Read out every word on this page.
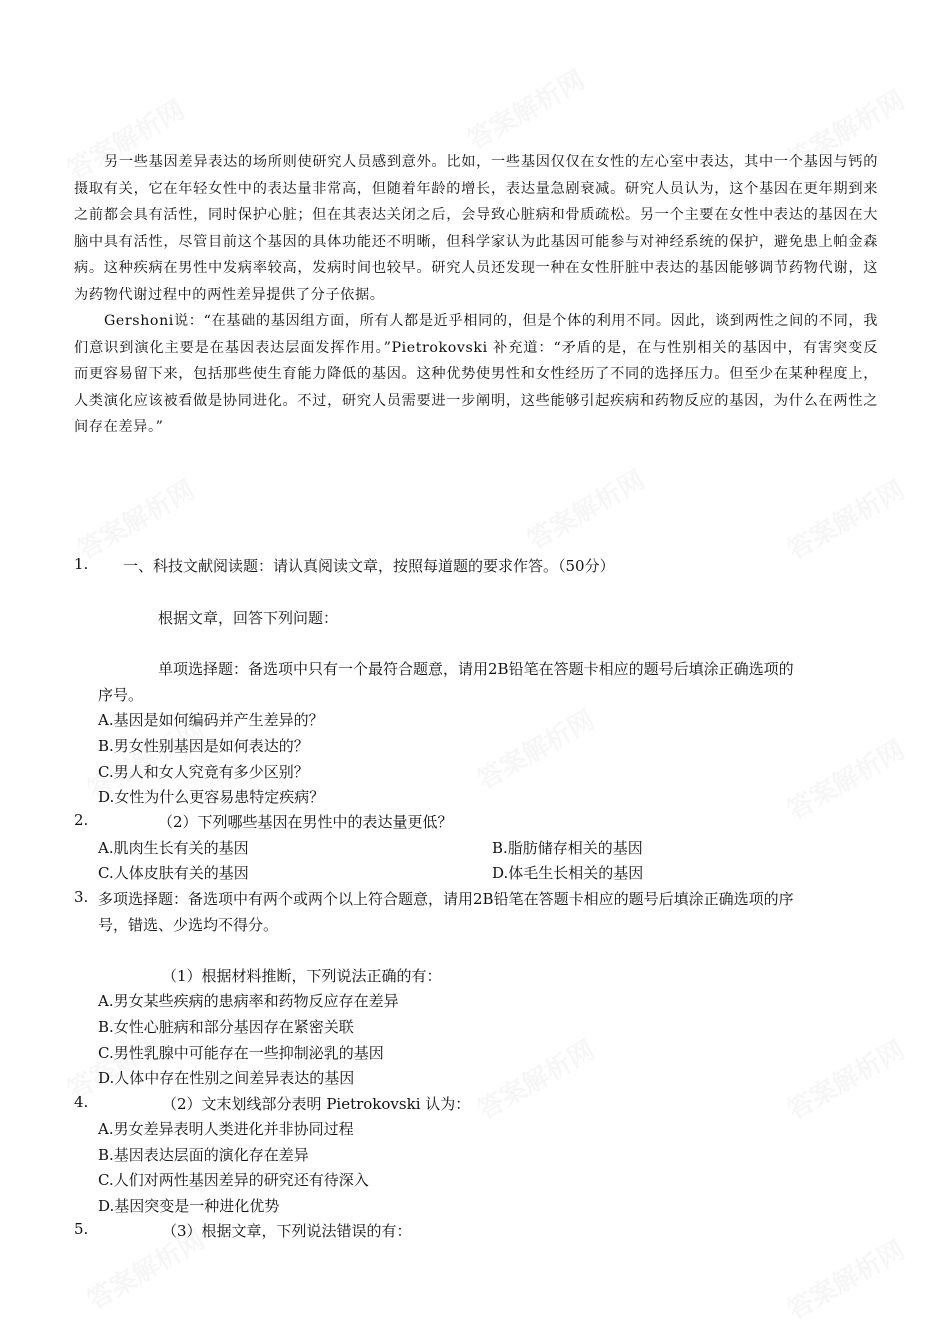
另一些基因差异表达的场所则使研究人员感到意外。比如，一些基因仅仅在女性的左心室中表达，其中一个基因与钙的摄取有关，它在年轻女性中的表达量非常高，但随着年龄的增长，表达量急剧衰减。研究人员认为，这个基因在更年期到来之前都会具有活性，同时保护心脏；但在其表达关闭之后，会导致心脏病和骨质疏松。另一个主要在女性中表达的基因在大脑中具有活性，尽管目前这个基因的具体功能还不明晰，但科学家认为此基因可能参与对神经系统的保护，避免患上帕金森病。这种疾病在男性中发病率较高，发病时间也较早。研究人员还发现一种在女性肝脏中表达的基因能够调节药物代谢，这为药物代谢过程中的两性差异提供了分子依据。

Gershoni说：“在基础的基因组方面，所有人都是近乎相同的，但是个体的利用不同。因此，谈到两性之间的不同，我们意识到演化主要是在基因表达层面发挥作用。”Pietrokovski 补充道：“矛盾的是，在与性别相关的基因中，有害突变反而更容易留下来，包括那些使生育能力降低的基因。这种优势使男性和女性经历了不同的选择压力。但至少在某种程度上，人类演化应该被看做是协同进化。不过，研究人员需要进一步阐明，这些能够引起疾病和药物反应的基因，为什么在两性之间存在差异。”

1. 一、科技文献阅读题：请认真阅读文章，按照每道题的要求作答。（50分）
根据文章，回答下列问题：
单项选择题：备选项中只有一个最符合题意，请用2B铅笔在答题卡相应的题号后填涂正确选项的
序号。
A.基因是如何编码并产生差异的？
B.男女性别基因是如何表达的？
C.男人和女人究竟有多少区别？
D.女性为什么更容易患特定疾病？
2.	（2）下列哪些基因在男性中的表达量更低？
A.肌肉生长有关的基因	B.脂肪储存相关的基因
C.人体皮肤有关的基因	D.体毛生长相关的基因
3. 多项选择题：备选项中有两个或两个以上符合题意，请用2B铅笔在答题卡相应的题号后填涂正确选项的序
号，错选、少选均不得分。
（1）根据材料推断，下列说法正确的有：
A.男女某些疾病的患病率和药物反应存在差异
B.女性心脏病和部分基因存在紧密关联
C.男性乳腺中可能存在一些抑制泌乳的基因
D.人体中存在性别之间差异表达的基因
4.	（2）文末划线部分表明 Pietrokovski 认为：
A.男女差异表明人类进化并非协同过程
B.基因表达层面的演化存在差异
C.人们对两性基因差异的研究还有待深入
D.基因突变是一种进化优势
5.	（3）根据文章，下列说法错误的有：
